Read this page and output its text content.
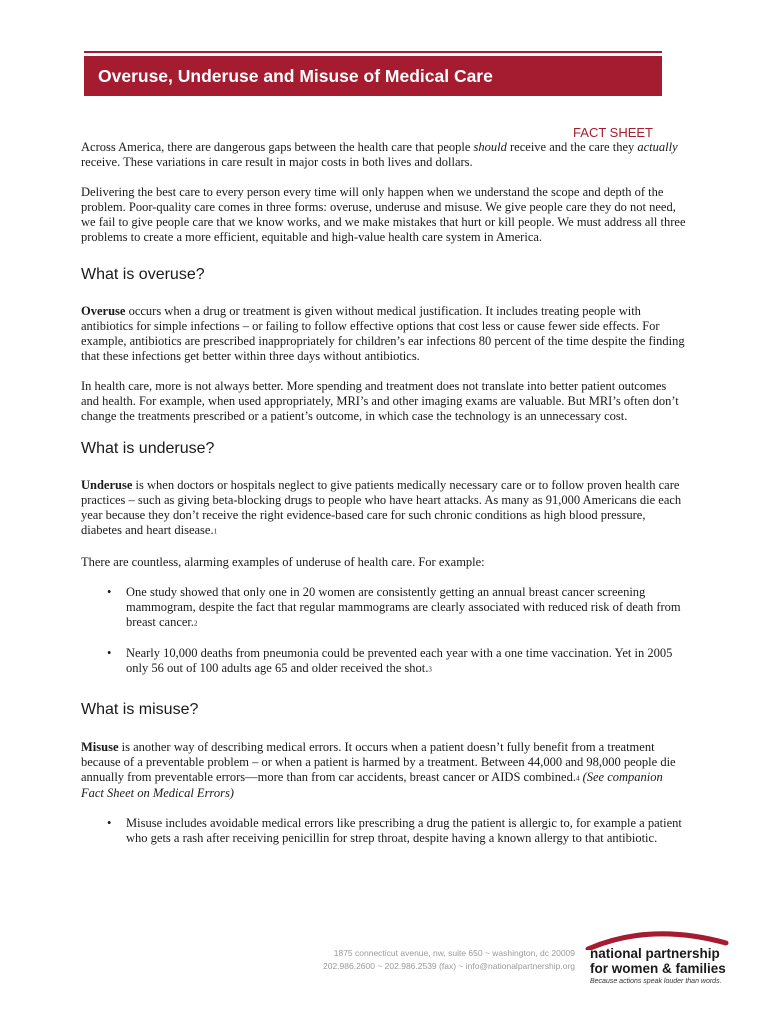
Overuse, Underuse and Misuse of Medical Care
FACT SHEET

Across America, there are dangerous gaps between the health care that people should receive and the care they actually receive. These variations in care result in major costs in both lives and dollars.

Delivering the best care to every person every time will only happen when we understand the scope and depth of the problem. Poor-quality care comes in three forms: overuse, underuse and misuse. We give people care they do not need, we fail to give people care that we know works, and we make mistakes that hurt or kill people. We must address all three problems to create a more efficient, equitable and high-value health care system in America.

What is overuse?

Overuse occurs when a drug or treatment is given without medical justification. It includes treating people with antibiotics for simple infections – or failing to follow effective options that cost less or cause fewer side effects. For example, antibiotics are prescribed inappropriately for children’s ear infections 80 percent of the time despite the finding that these infections get better within three days without antibiotics.

In health care, more is not always better. More spending and treatment does not translate into better patient outcomes and health. For example, when used appropriately, MRI’s and other imaging exams are valuable. But MRI’s often don’t change the treatments prescribed or a patient’s outcome, in which case the technology is an unnecessary cost.

What is underuse?

Underuse is when doctors or hospitals neglect to give patients medically necessary care or to follow proven health care practices – such as giving beta-blocking drugs to people who have heart attacks. As many as 91,000 Americans die each year because they don’t receive the right evidence-based care for such chronic conditions as high blood pressure, diabetes and heart disease.$^1$

There are countless, alarming examples of underuse of health care. For example:

• One study showed that only one in 20 women are consistently getting an annual breast cancer screening mammogram, despite the fact that regular mammograms are clearly associated with reduced risk of death from breast cancer.$^2$
• Nearly 10,000 deaths from pneumonia could be prevented each year with a one time vaccination. Yet in 2005 only 56 out of 100 adults age 65 and older received the shot.$^3$
What is misuse?

Misuse is another way of describing medical errors. It occurs when a patient doesn’t fully benefit from a treatment because of a preventable problem – or when a patient is harmed by a treatment. Between 44,000 and 98,000 people die annually from preventable errors—more than from car accidents, breast cancer or AIDS combined.$^4$ (See companion Fact Sheet on Medical Errors)

• Misuse includes avoidable medical errors like prescribing a drug the patient is allergic to, for example a patient who gets a rash after receiving penicillin for strep throat, despite having a known allergy to that antibiotic.
1875 connecticut avenue, nw, suite 650 ~ washington, dc 20009
202.986.2600 ~ 202.986.2539 (fax) ~ info@nationalpartnership.org
national partnership
for women & families
Because actions speak louder than words.
